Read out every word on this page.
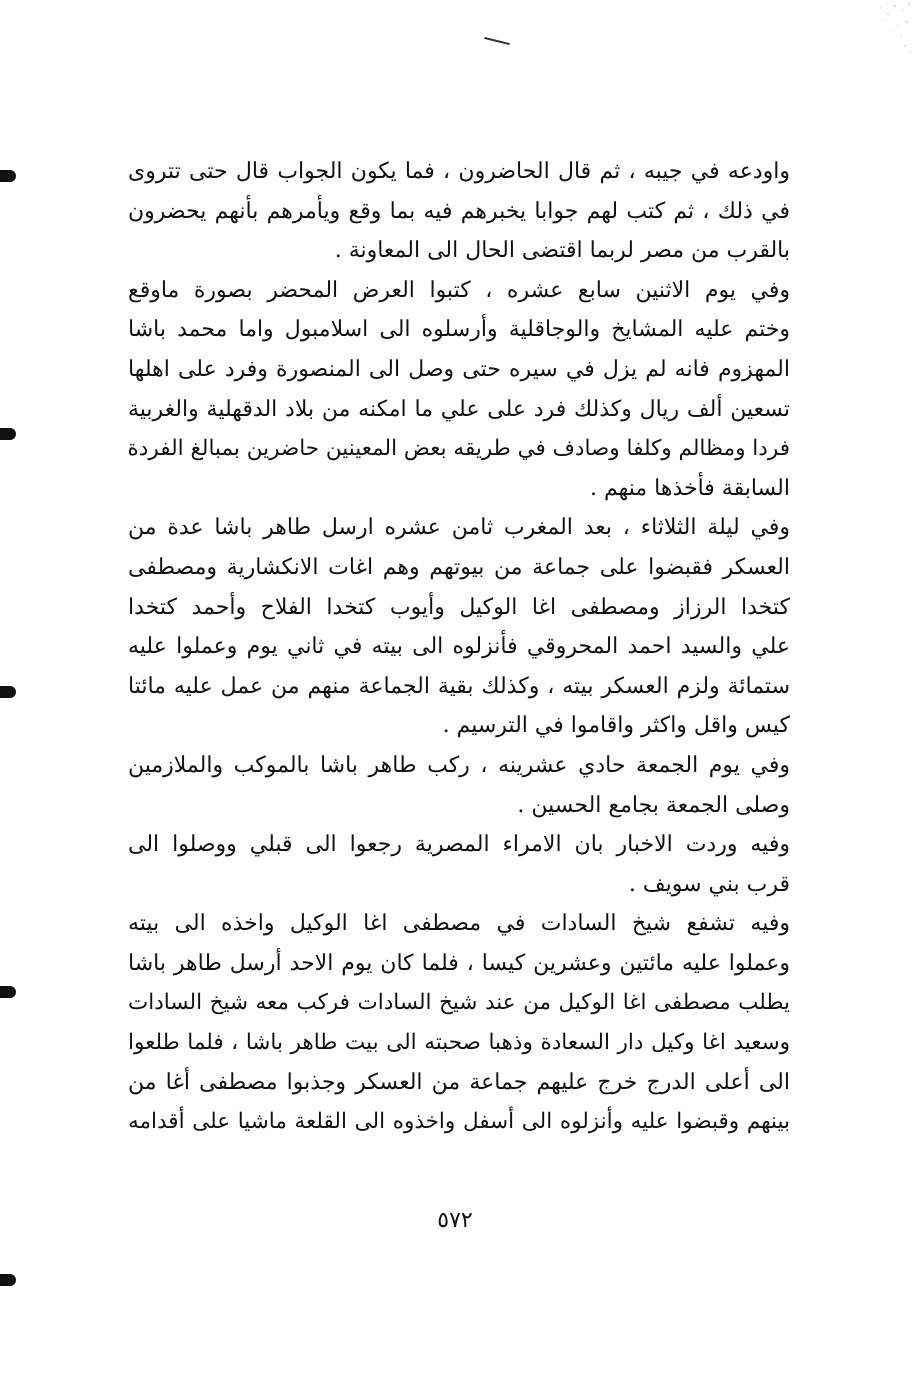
واودعه في جيبه ، ثم قال الحاضرون ، فما يكون الجواب قال حتى تتروى
في ذلك ، ثم كتب لهم جوابا يخبرهم فيه بما وقع ويأمرهم بأنهم يحضرون
بالقرب من مصر لربما اقتضى الحال الى المعاونة .
وفي يوم الاثنين سابع عشره ، كتبوا العرض المحضر بصورة ماوقع
وختم عليه المشايخ والوجاقلية وأرسلوه الى اسلامبول واما محمد باشا
المهزوم فانه لم يزل في سيره حتى وصل الى المنصورة وفرد على اهلها
تسعين ألف ريال وكذلك فرد على علي ما امكنه من بلاد الدقهلية والغربية
فردا ومظالم وكلفا وصادف في طريقه بعض المعينين حاضرين بمبالغ الفردة
السابقة فأخذها منهم .
وفي ليلة الثلاثاء ، بعد المغرب ثامن عشره ارسل طاهر باشا عدة من
العسكر فقبضوا على جماعة من بيوتهم وهم اغات الانكشارية ومصطفى
كتخدا الرزاز ومصطفى اغا الوكيل وأيوب كتخدا الفلاح وأحمد كتخدا
علي والسيد احمد المحروقي فأنزلوه الى بيته في ثاني يوم وعملوا عليه
ستمائة ولزم العسكر بيته ، وكذلك بقية الجماعة منهم من عمل عليه مائتا
كيس واقل واكثر واقاموا في الترسيم .
وفي يوم الجمعة حادي عشرينه ، ركب طاهر باشا بالموكب والملازمين
وصلى الجمعة بجامع الحسين .
وفيه وردت الاخبار بان الامراء المصرية رجعوا الى قبلي ووصلوا الى
قرب بني سويف .
وفيه تشفع شيخ السادات في مصطفى اغا الوكيل واخذه الى بيته
وعملوا عليه مائتين وعشرين كيسا ، فلما كان يوم الاحد أرسل طاهر باشا
يطلب مصطفى اغا الوكيل من عند شيخ السادات فركب معه شيخ السادات
وسعيد اغا وكيل دار السعادة وذهبا صحبته الى بيت طاهر باشا ، فلما طلعوا
الى أعلى الدرج خرج عليهم جماعة من العسكر وجذبوا مصطفى أغا من
بينهم وقبضوا عليه وأنزلوه الى أسفل واخذوه الى القلعة ماشيا على أقدامه
٥٧٢
